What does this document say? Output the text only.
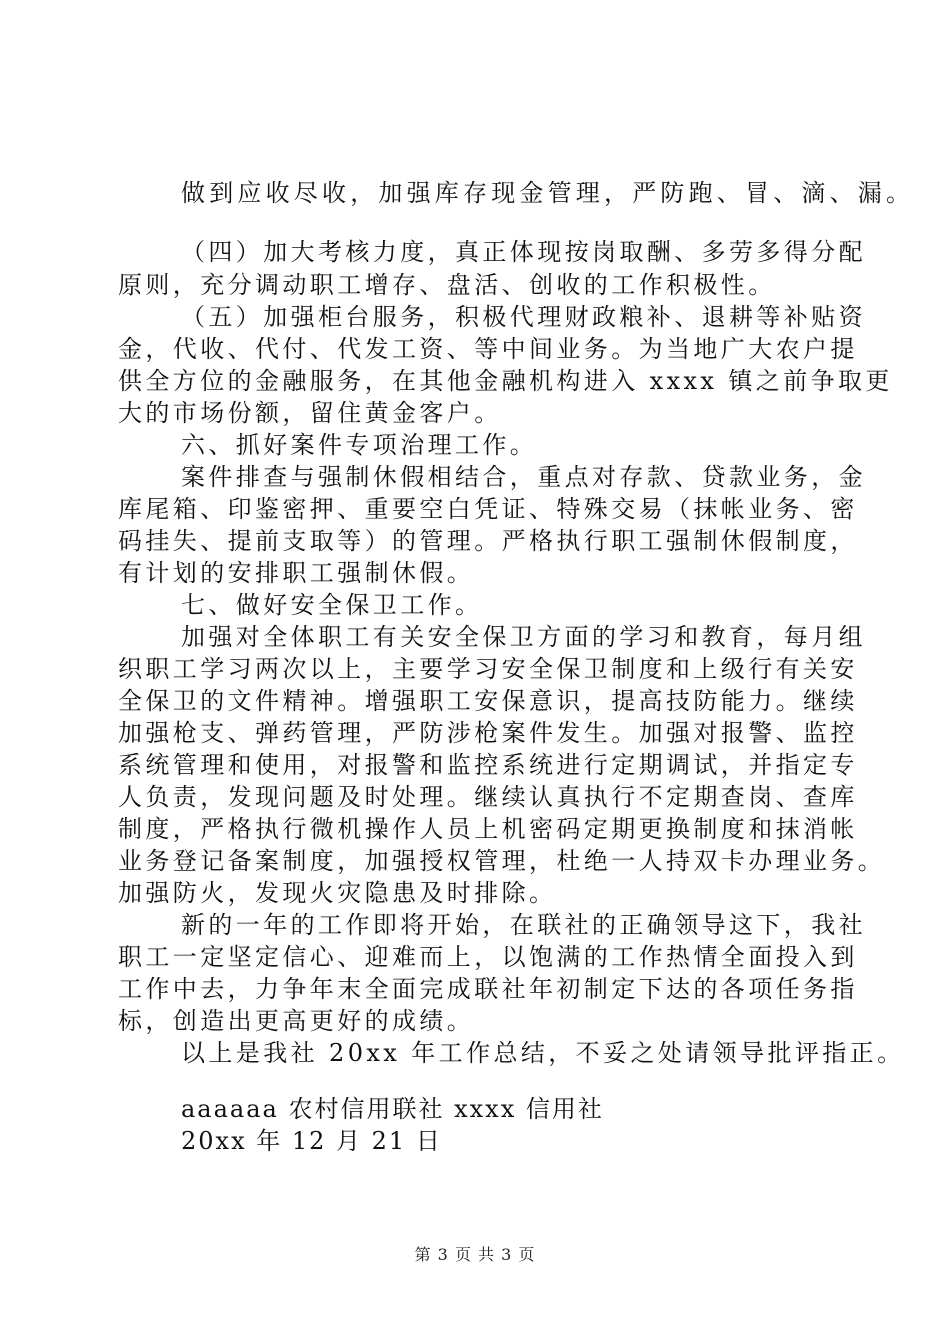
做到应收尽收，加强库存现金管理，严防跑、冒、滴、漏。
（四）加大考核力度，真正体现按岗取酬、多劳多得分配
原则，充分调动职工增存、盘活、创收的工作积极性。
（五）加强柜台服务，积极代理财政粮补、退耕等补贴资
金，代收、代付、代发工资、等中间业务。为当地广大农户提
供全方位的金融服务，在其他金融机构进入 xxxx 镇之前争取更
大的市场份额，留住黄金客户。
六、抓好案件专项治理工作。
案件排查与强制休假相结合，重点对存款、贷款业务，金
库尾箱、印鉴密押、重要空白凭证、特殊交易（抹帐业务、密
码挂失、提前支取等）的管理。严格执行职工强制休假制度，
有计划的安排职工强制休假。
七、做好安全保卫工作。
加强对全体职工有关安全保卫方面的学习和教育，每月组
织职工学习两次以上，主要学习安全保卫制度和上级行有关安
全保卫的文件精神。增强职工安保意识，提高技防能力。继续
加强枪支、弹药管理，严防涉枪案件发生。加强对报警、监控
系统管理和使用，对报警和监控系统进行定期调试，并指定专
人负责，发现问题及时处理。继续认真执行不定期查岗、查库
制度，严格执行微机操作人员上机密码定期更换制度和抹消帐
业务登记备案制度，加强授权管理，杜绝一人持双卡办理业务。
加强防火，发现火灾隐患及时排除。
新的一年的工作即将开始，在联社的正确领导这下，我社
职工一定坚定信心、迎难而上，以饱满的工作热情全面投入到
工作中去，力争年末全面完成联社年初制定下达的各项任务指
标，创造出更高更好的成绩。
以上是我社 20xx 年工作总结，不妥之处请领导批评指正。
aaaaaa 农村信用联社 xxxx 信用社
20xx 年 12 月 21 日
第 3 页 共 3 页
